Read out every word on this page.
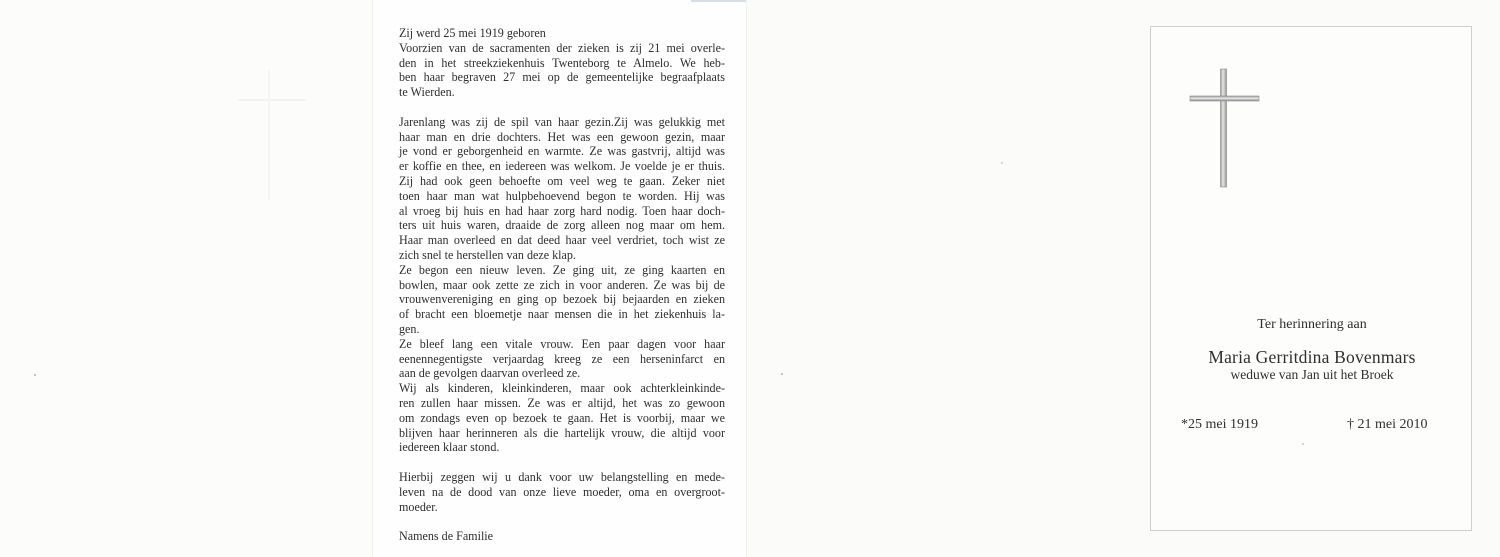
Zij werd 25 mei 1919 geboren
Voorzien van de sacramenten der zieken is zij 21 mei overle-
den in het streekziekenhuis Twenteborg te Almelo. We heb-
ben haar begraven 27 mei op de gemeentelijke begraafplaats
te Wierden.
Jarenlang was zij de spil van haar gezin.Zij was gelukkig met
haar man en drie dochters. Het was een gewoon gezin, maar
je vond er geborgenheid en warmte. Ze was gastvrij, altijd was
er koffie en thee, en iedereen was welkom. Je voelde je er thuis.
Zij had ook geen behoefte om veel weg te gaan. Zeker niet
toen haar man wat hulpbehoevend begon te worden. Hij was
al vroeg bij huis en had haar zorg hard nodig. Toen haar doch-
ters uit huis waren, draaide de zorg alleen nog maar om hem.
Haar man overleed en dat deed haar veel verdriet, toch wist ze
zich snel te herstellen van deze klap.
Ze begon een nieuw leven. Ze ging uit, ze ging kaarten en
bowlen, maar ook zette ze zich in voor anderen. Ze was bij de
vrouwenvereniging en ging op bezoek bij bejaarden en zieken
of bracht een bloemetje naar mensen die in het ziekenhuis la-
gen.
Ze bleef lang een vitale vrouw. Een paar dagen voor haar
eenennegentigste verjaardag kreeg ze een herseninfarct en
aan de gevolgen daarvan overleed ze.
Wij als kinderen, kleinkinderen, maar ook achterkleinkinde-
ren zullen haar missen. Ze was er altijd, het was zo gewoon
om zondags even op bezoek te gaan. Het is voorbij, maar we
blijven haar herinneren als die hartelijk vrouw, die altijd voor
iedereen klaar stond.
Hierbij zeggen wij u dank voor uw belangstelling en mede-
leven na de dood van onze lieve moeder, oma en overgroot-
moeder.
Namens de Familie
Ter herinnering aan
Maria Gerritdina Bovenmars
weduwe van Jan uit het Broek
*25 mei 1919	† 21 mei 2010
